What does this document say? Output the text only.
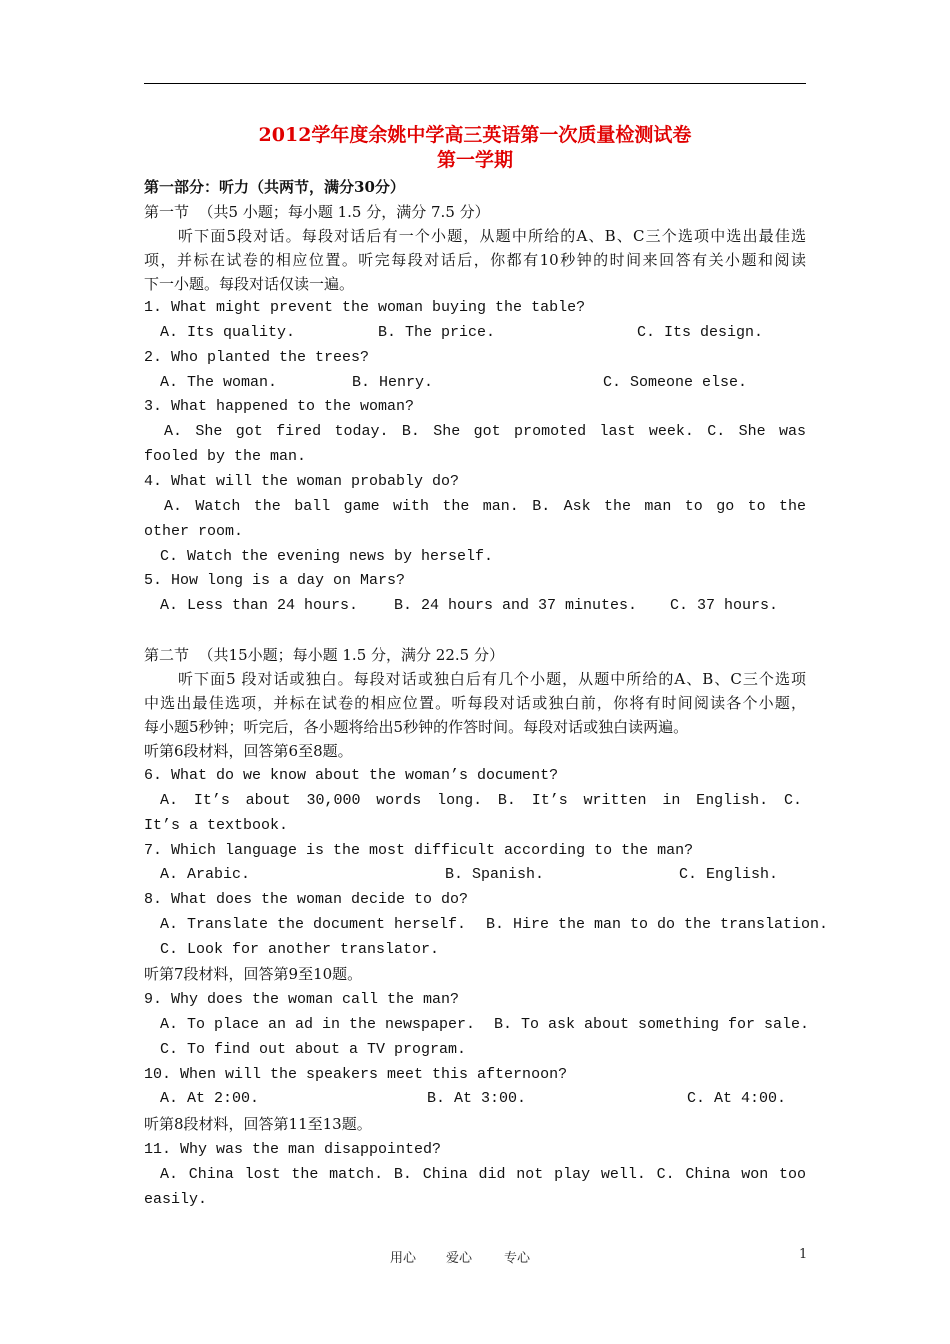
2012学年度余姚中学高三英语第一次质量检测试卷
第一学期
第一部分：听力（共两节，满分30分）
第一节  （共5 小题；每小题 1.5 分，满分 7.5 分）
听下面5段对话。每段对话后有一个小题，从题中所给的A、B、C三个选项中选出最佳选
项，并标在试卷的相应位置。听完每段对话后，你都有10秒钟的时间来回答有关小题和阅读
下一小题。每段对话仅读一遍。
1. What might prevent the woman buying the table?
A. Its quality.	B. The price.	C. Its design.
2. Who planted the trees?
A. The woman.	B. Henry.	C. Someone else.
3. What happened to the woman?
A. She got fired today. B. She got promoted last week. C. She was
fooled by the man.
4. What will the woman probably do?
A. Watch the ball game with the man. B. Ask the man to go to the
other room.
C. Watch the evening news by herself.
5. How long is a day on Mars?
A. Less than 24 hours. B. 24 hours and 37 minutes. C. 37 hours.
第二节  （共15小题；每小题 1.5 分，满分 22.5 分）
听下面5 段对话或独白。每段对话或独白后有几个小题，从题中所给的A、B、C三个选项
中选出最佳选项，并标在试卷的相应位置。听每段对话或独白前，你将有时间阅读各个小题，
每小题5秒钟；听完后，各小题将给出5秒钟的作答时间。每段对话或独白读两遍。
听第6段材料，回答第6至8题。
6. What do we know about the woman’s document?
A. It’s about 30,000 words long. B. It’s written in English. C.
It’s a textbook.
7. Which language is the most difficult according to the man?
A. Arabic.	B. Spanish.	C. English.
8. What does the woman decide to do?
A. Translate the document herself. B. Hire the man to do the translation.
C. Look for another translator.
听第7段材料，回答第9至10题。
9. Why does the woman call the man?
A. To place an ad in the newspaper. B. To ask about something for sale.
C. To find out about a TV program.
10. When will the speakers meet this afternoon?
A. At 2:00.	B. At 3:00.	C. At 4:00.
听第8段材料，回答第11至13题。
11. Why was the man disappointed?
A. China lost the match. B. China did not play well. C. China won too
easily.
用心 爱心 专心	1
